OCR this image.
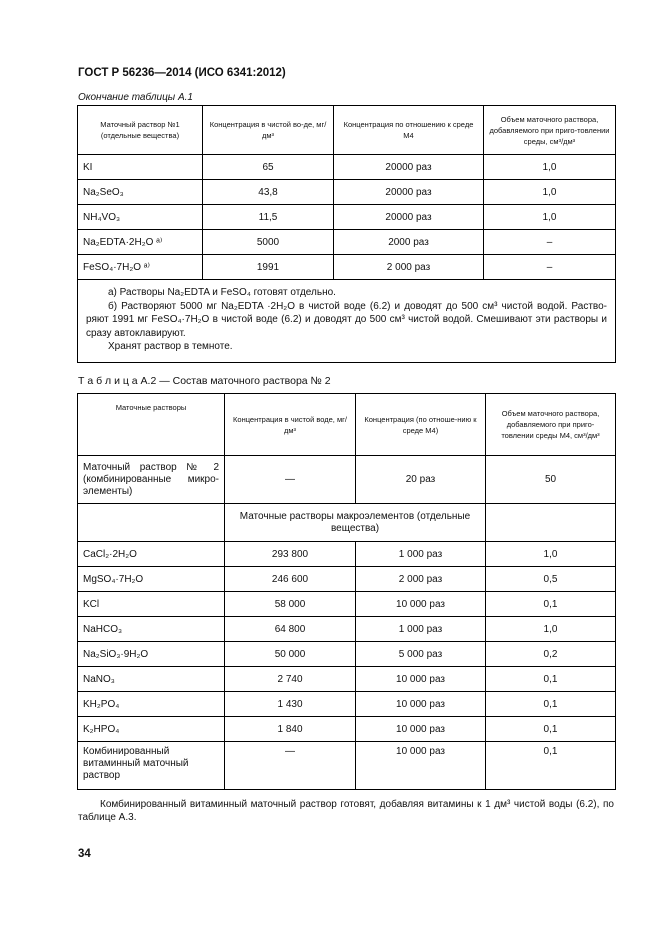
ГОСТ Р 56236—2014 (ИСО 6341:2012)
Окончание таблицы А.1
Маточный раствор №1 (отдельные вещества)	Концентрация в чистой во-де, мг/дм³	Концентрация по отношению к среде М4	Объем маточного раствора, добавляемого при приго-товлении среды, см³/дм³
KI	65	20000 раз	1,0
Na₂SeO₃	43,8	20000 раз	1,0
NH₄VO₃	11,5	20000 раз	1,0
Na₂EDTA·2H₂O ᵃ⁾	5000	2000 раз	–
FeSO₄·7H₂O ᵃ⁾	1991	2 000 раз	–

а) Растворы Na₂EDTA и FeSO₄ готовят отдельно.

б) Растворяют 5000 мг Na₂EDTA ·2H₂O в чистой воде (6.2) и доводят до 500 см³ чистой водой. Раство-ряют 1991 мг FeSO₄·7H₂O в чистой воде (6.2) и доводят до 500 см³ чистой водой. Смешивают эти растворы и сразу автоклавируют.

Хранят раствор в темноте.			

Т а б л и ц а А.2 — Состав маточного раствора № 2
Маточные растворы	Концентрация в чистой воде, мг/дм³	Концентрация (по отноше-нию к среде М4)	Объем маточного раствора, добавляемого при приго-товлении среды М4, см³/дм³
Маточный раствор № 2 (комбинированные микро-элементы)	—	20 раз	50
	Маточные растворы макроэлементов (отдельные вещества)		
CaCl₂·2H₂O	293 800	1 000 раз	1,0
MgSO₄·7H₂O	246 600	2 000 раз	0,5
KCl	58 000	10 000 раз	0,1
NaHCO₃	64 800	1 000 раз	1,0
Na₂SiO₃·9H₂O	50 000	5 000 раз	0,2
NaNO₃	2 740	10 000 раз	0,1
KH₂PO₄	1 430	10 000 раз	0,1
K₂HPO₄	1 840	10 000 раз	0,1
Комбинированный витаминный маточный раствор	—	10 000 раз	0,1
Комбинированный витаминный маточный раствор готовят, добавляя витамины к 1 дм³ чистой воды (6.2), по таблице А.3.
34
